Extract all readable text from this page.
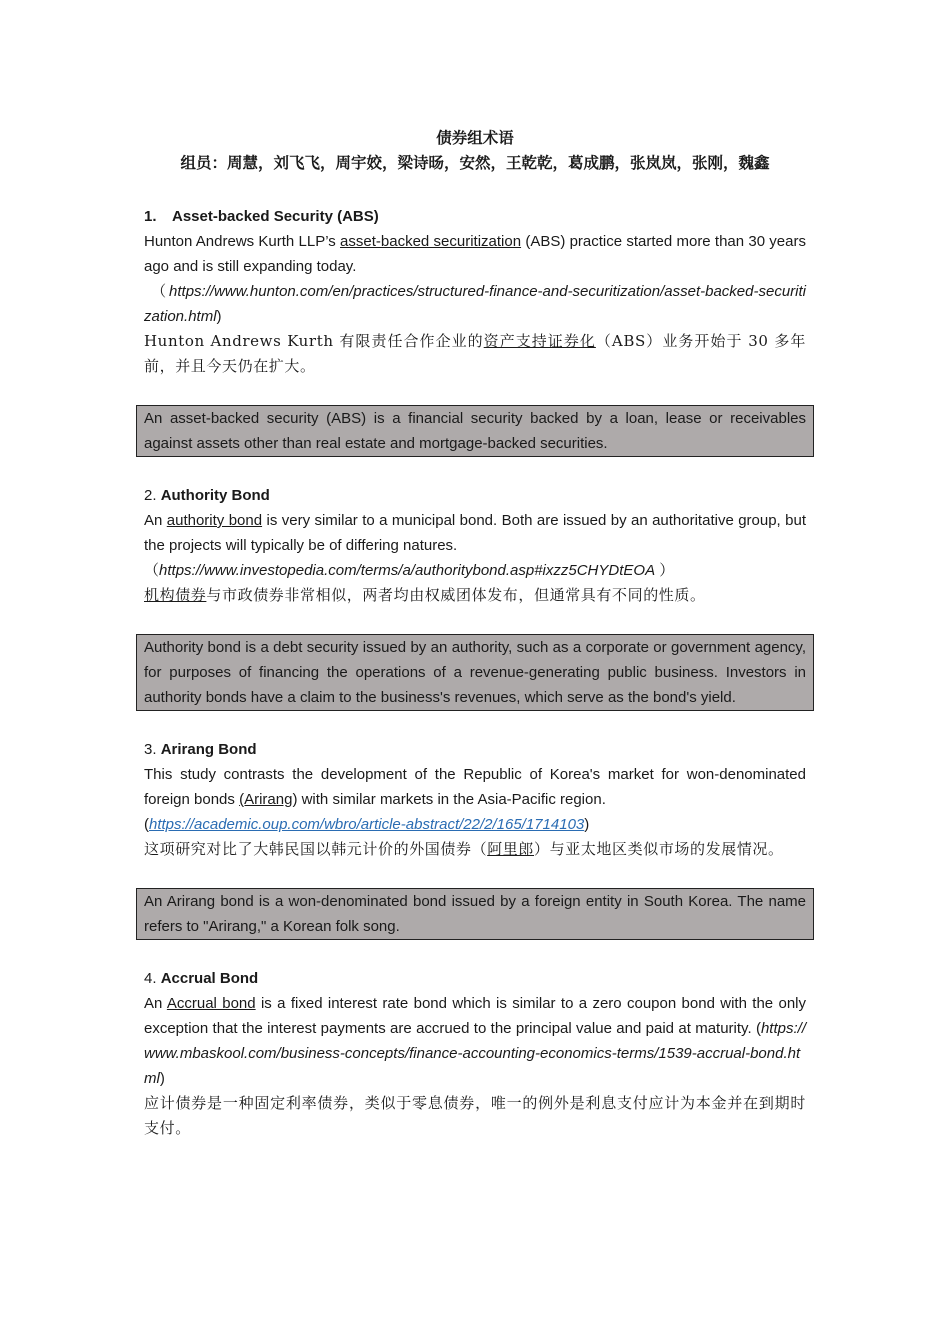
债券组术语
组员：周慧，刘飞飞，周宇姣，梁诗旸，安然，王乾乾，葛成鹏，张岚岚，张刚，魏鑫
1. Asset-backed Security (ABS)

Hunton Andrews Kurth LLP’s asset-backed securitization (ABS) practice started more than 30 years ago and is still expanding today.

（https://www.hunton.com/en/practices/structured-finance-and-securitization/asset-backed-securitization.html)

Hunton Andrews Kurth 有限责任合作企业的资产支持证券化（ABS）业务开始于 30 多年前，并且今天仍在扩大。

An asset-backed security (ABS) is a financial security backed by a loan, lease or receivables against assets other than real estate and mortgage-backed securities.
2. Authority Bond

An authority bond is very similar to a municipal bond. Both are issued by an authoritative group, but the projects will typically be of differing natures.

（https://www.investopedia.com/terms/a/authoritybond.asp#ixzz5CHYDtEOA ）

机构债券与市政债券非常相似，两者均由权威团体发布，但通常具有不同的性质。

Authority bond is a debt security issued by an authority, such as a corporate or government agency, for purposes of financing the operations of a revenue-generating public business. Investors in authority bonds have a claim to the business's revenues, which serve as the bond's yield.
3. Arirang Bond

This study contrasts the development of the Republic of Korea's market for won-denominated foreign bonds (Arirang) with similar markets in the Asia-Pacific region.

(https://academic.oup.com/wbro/article-abstract/22/2/165/1714103)

这项研究对比了大韩民国以韩元计价的外国债券（阿里郎）与亚太地区类似市场的发展情况。

An Arirang bond is a won-denominated bond issued by a foreign entity in South Korea. The name refers to "Arirang," a Korean folk song.
4. Accrual Bond

An Accrual bond is a fixed interest rate bond which is similar to a zero coupon bond with the only exception that the interest payments are accrued to the principal value and paid at maturity. (https://www.mbaskool.com/business-concepts/finance-accounting-economics-terms/1539-accrual-bond.html)

应计债券是一种固定利率债券，类似于零息债券，唯一的例外是利息支付应计为本金并在到期时支付。
